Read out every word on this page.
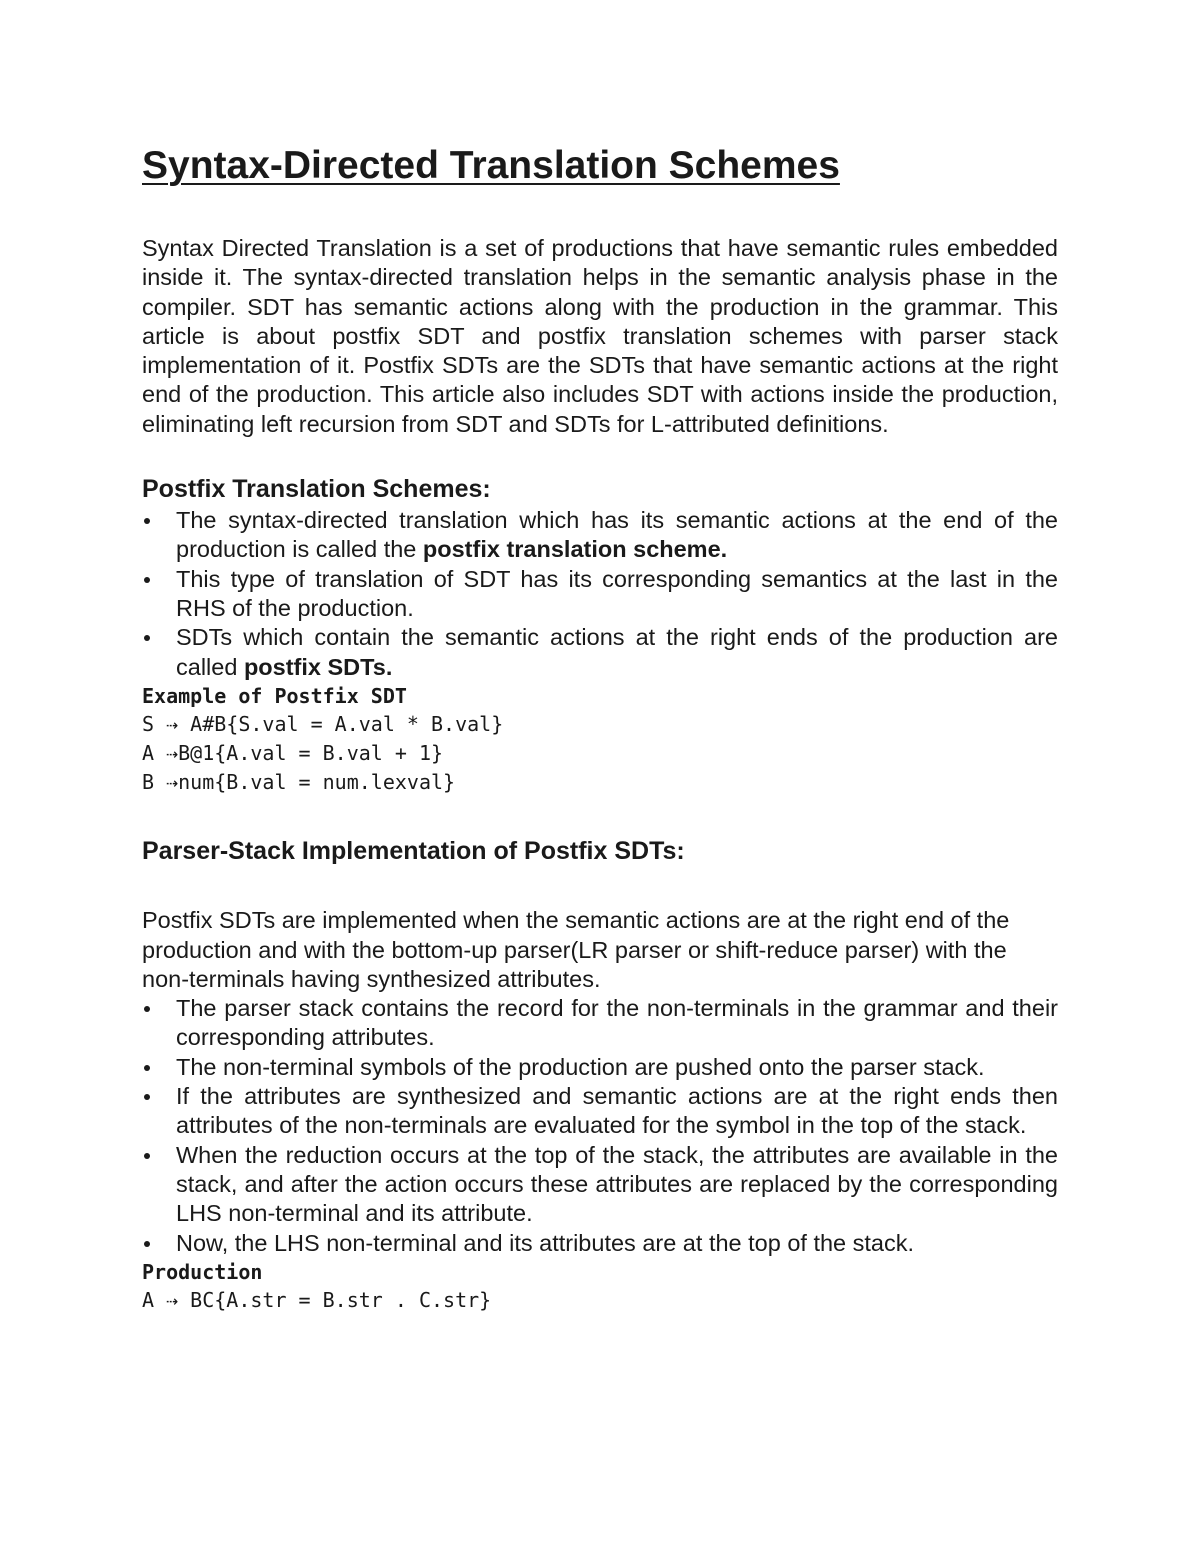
Syntax-Directed Translation Schemes

Syntax Directed Translation is a set of productions that have semantic rules embedded inside it. The syntax-directed translation helps in the semantic analysis phase in the compiler. SDT has semantic actions along with the production in the grammar. This article is about postfix SDT and postfix translation schemes with parser stack implementation of it. Postfix SDTs are the SDTs that have semantic actions at the right end of the production. This article also includes SDT with actions inside the production, eliminating left recursion from SDT and SDTs for L-attributed definitions.

Postfix Translation Schemes:
The syntax-directed translation which has its semantic actions at the end of the production is called the postfix translation scheme.
This type of translation of SDT has its corresponding semantics at the last in the RHS of the production.
SDTs which contain the semantic actions at the right ends of the production are called postfix SDTs.

Example of Postfix SDT

S ⇢ A#B{S.val = A.val * B.val}

A ⇢B@1{A.val = B.val + 1}

B ⇢num{B.val = num.lexval}

Parser-Stack Implementation of Postfix SDTs:

Postfix SDTs are implemented when the semantic actions are at the right end of the production and with the bottom-up parser(LR parser or shift-reduce parser) with the non-terminals having synthesized attributes.

The parser stack contains the record for the non-terminals in the grammar and their corresponding attributes.
The non-terminal symbols of the production are pushed onto the parser stack.
If the attributes are synthesized and semantic actions are at the right ends then attributes of the non-terminals are evaluated for the symbol in the top of the stack.
When the reduction occurs at the top of the stack, the attributes are available in the stack, and after the action occurs these attributes are replaced by the corresponding LHS non-terminal and its attribute.
Now, the LHS non-terminal and its attributes are at the top of the stack.

Production

A ⇢ BC{A.str = B.str . C.str}
